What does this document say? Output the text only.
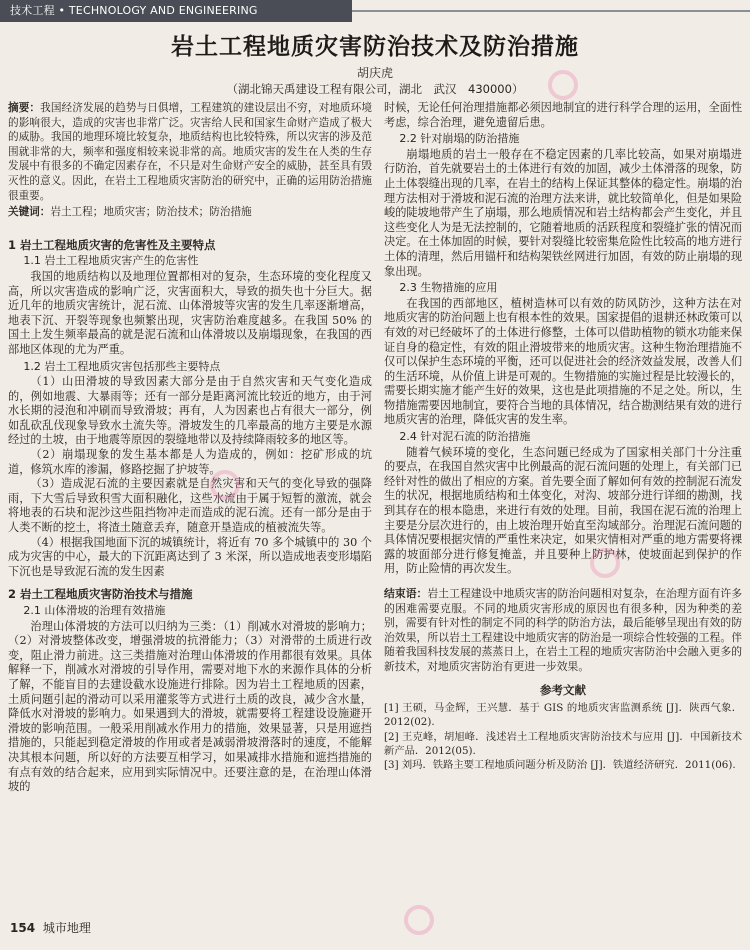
技术工程 • TECHNOLOGY AND ENGINEERING
岩土工程地质灾害防治技术及防治措施
胡庆虎
（湖北锦天禹建设工程有限公司，湖北　武汉　430000）

摘要：我国经济发展的趋势与日俱增，工程建筑的建设层出不穷，对地质环境的影响很大，造成的灾害也非常广泛。灾害给人民和国家生命财产造成了极大的威胁。我国的地理环境比较复杂，地质结构也比较特殊，所以灾害的涉及范围就非常的大，频率和强度相较来说非常的高。地质灾害的发生在人类的生存发展中有很多的不确定因素存在，不只是对生命财产安全的威胁，甚至具有毁灭性的意义。因此，在岩土工程地质灾害防治的研究中，正确的运用防治措施很重要。

关键词：岩土工程；地质灾害；防治技术；防治措施

1 岩土工程地质灾害的危害性及主要特点
1.1 岩土工程地质灾害产生的危害性

我国的地质结构以及地理位置都相对的复杂，生态环境的变化程度又高，所以灾害造成的影响广泛，灾害面积大，导致的损失也十分巨大。据近几年的地质灾害统计，泥石流、山体滑坡等灾害的发生几率逐渐增高，地表下沉、开裂等现象也频繁出现，灾害防治难度越多。在我国 50% 的国土上发生频率最高的就是泥石流和山体滑坡以及崩塌现象，在我国的西部地区体现的尤为严重。

1.2 岩土工程地质灾害包括那些主要特点

（1）山田滑坡的导致因素大部分是由于自然灾害和天气变化造成的，例如地震、大暴雨等；还有一部分是距离河流比较近的地方，由于河水长期的浸泡和冲刷而导致滑坡；再有，人为因素也占有很大一部分，例如乱砍乱伐现象导致水土流失等。滑坡发生的几率最高的地方主要是水源经过的土坡，由于地震等原因的裂缝地带以及持续降雨较多的地区等。

（2）崩塌现象的发生基本都是人为造成的，例如：挖矿形成的坑道，修筑水库的渗漏，修路挖掘了护坡等。

（3）造成泥石流的主要因素就是自然灾害和天气的变化导致的强降雨，下大雪后导致积雪大面积融化，这些水流由于属于短暂的激流，就会将地表的石块和泥沙这些阻挡物冲走而造成的泥石流。还有一部分是由于人类不断的挖土，将渣土随意丢弃，随意开垦造成的植被流失等。

（4）根据我国地面下沉的城镇统计，将近有 70 多个城镇中的 30 个成为灾害的中心，最大的下沉距离达到了 3 米深，所以造成地表变形塌陷下沉也是导致泥石流的发生因素

2 岩土工程地质灾害防治技术与措施
2.1 山体滑坡的治理有效措施

治理山体滑坡的方法可以归纳为三类：（1）削减水对滑坡的影响力；（2）对滑坡整体改变，增强滑坡的抗滑能力；（3）对滑带的土质进行改变，阻止滑力前进。这三类措施对治理山体滑坡的作用都很有效果。具体解释一下，削减水对滑坡的引导作用，需要对地下水的来源作具体的分析了解，不能盲目的去建设截水设施进行排除。因为岩土工程地质的因素，土质问题引起的滑动可以采用灌浆等方式进行土质的改良，减少含水量，降低水对滑坡的影响力。如果遇到大的滑坡，就需要将工程建设设施避开滑坡的影响范围。一般采用削减水作用力的措施，效果显著，只是用遮挡措施的，只能起到稳定滑坡的作用或者是减弱滑坡滑落时的速度，不能解决其根本问题，所以好的方法要互相学习，如果减排水措施和遮挡措施的有点有效的结合起来，应用到实际情况中。还要注意的是，在治理山体滑坡的

时候，无论任何治理措施都必须因地制宜的进行科学合理的运用，全面性考虑，综合治理，避免遗留后患。

2.2 针对崩塌的防治措施

崩塌地质的岩土一般存在不稳定因素的几率比较高，如果对崩塌进行防治，首先就要岩土的土体进行有效的加固，减少土体滑落的现象，防止土体裂缝出现的几率，在岩土的结构上保证其整体的稳定性。崩塌的治理方法相对于滑坡和泥石流的治理方法来讲，就比较简单化，但是如果险峻的陡坡地带产生了崩塌，那么地质情况和岩土结构都会产生变化，并且这些变化人为是无法控制的，它随着地质的活跃程度和裂缝扩张的情况而决定。在土体加固的时候，要针对裂缝比较密集危险性比较高的地方进行土体的清理，然后用锚杆和结构架铁丝网进行加固，有效的防止崩塌的现象出现。

2.3 生物措施的应用

在我国的西部地区，植树造林可以有效的防风防沙，这种方法在对地质灾害的防治问题上也有根本性的效果。国家提倡的退耕还林政策可以有效的对已经破坏了的土体进行修整，土体可以借助植物的锁水功能来保证自身的稳定性，有效的阻止滑坡带来的地质灾害。这种生物治理措施不仅可以保护生态环境的平衡，还可以促进社会的经济效益发展，改善人们的生活环境，从价值上讲是可观的。生物措施的实施过程是比较漫长的，需要长期实施才能产生好的效果，这也是此项措施的不足之处。所以，生物措施需要因地制宜，要符合当地的具体情况，结合勘测结果有效的进行地质灾害的治理，降低灾害的发生率。

2.4 针对泥石流的防治措施

随着气候环境的变化，生态问题已经成为了国家相关部门十分注重的要点，在我国自然灾害中比例最高的泥石流问题的处理上，有关部门已经针对性的做出了相应的方案。首先要全面了解如何有效的控制泥石流发生的状况，根据地质结构和土体变化，对沟、坡部分进行详细的勘测，找到其存在的根本隐患，来进行有效的处理。目前，我国在泥石流的治理上主要是分层次进行的，由上坡治理开始直至沟域部分。治理泥石流问题的具体情况要根据灾情的严重性来决定，如果灾情相对严重的地方需要将裸露的坡面部分进行修复掩盖，并且要种上防护林，使坡面起到保护的作用，防止险情的再次发生。

结束语：岩土工程建设中地质灾害的防治问题相对复杂，在治理方面有许多的困难需要克服。不同的地质灾害形成的原因也有很多种，因为种类的差别，需要有针对性的制定不同的科学的防治方法，最后能够呈现出有效的防治效果，所以岩土工程建设中地质灾害的防治是一项综合性较强的工程。伴随着我国科技发展的蒸蒸日上，在岩土工程的地质灾害防治中会融入更多的新技术，对地质灾害防治有更进一步效果。

参考文献

[1] 王硕，马金辉，王兴慧．基于 GIS 的地质灾害监测系统 [J]．陕西气象．2012(02).

[2] 王克峰，胡旭峰．浅述岩土工程地质灾害防治技术与应用 [J]．中国新技术新产品．2012(05).

[3] 刘玛．铁路主要工程地质问题分析及防治 [J]．铁道经济研究．2011(06).

154 城市地理
